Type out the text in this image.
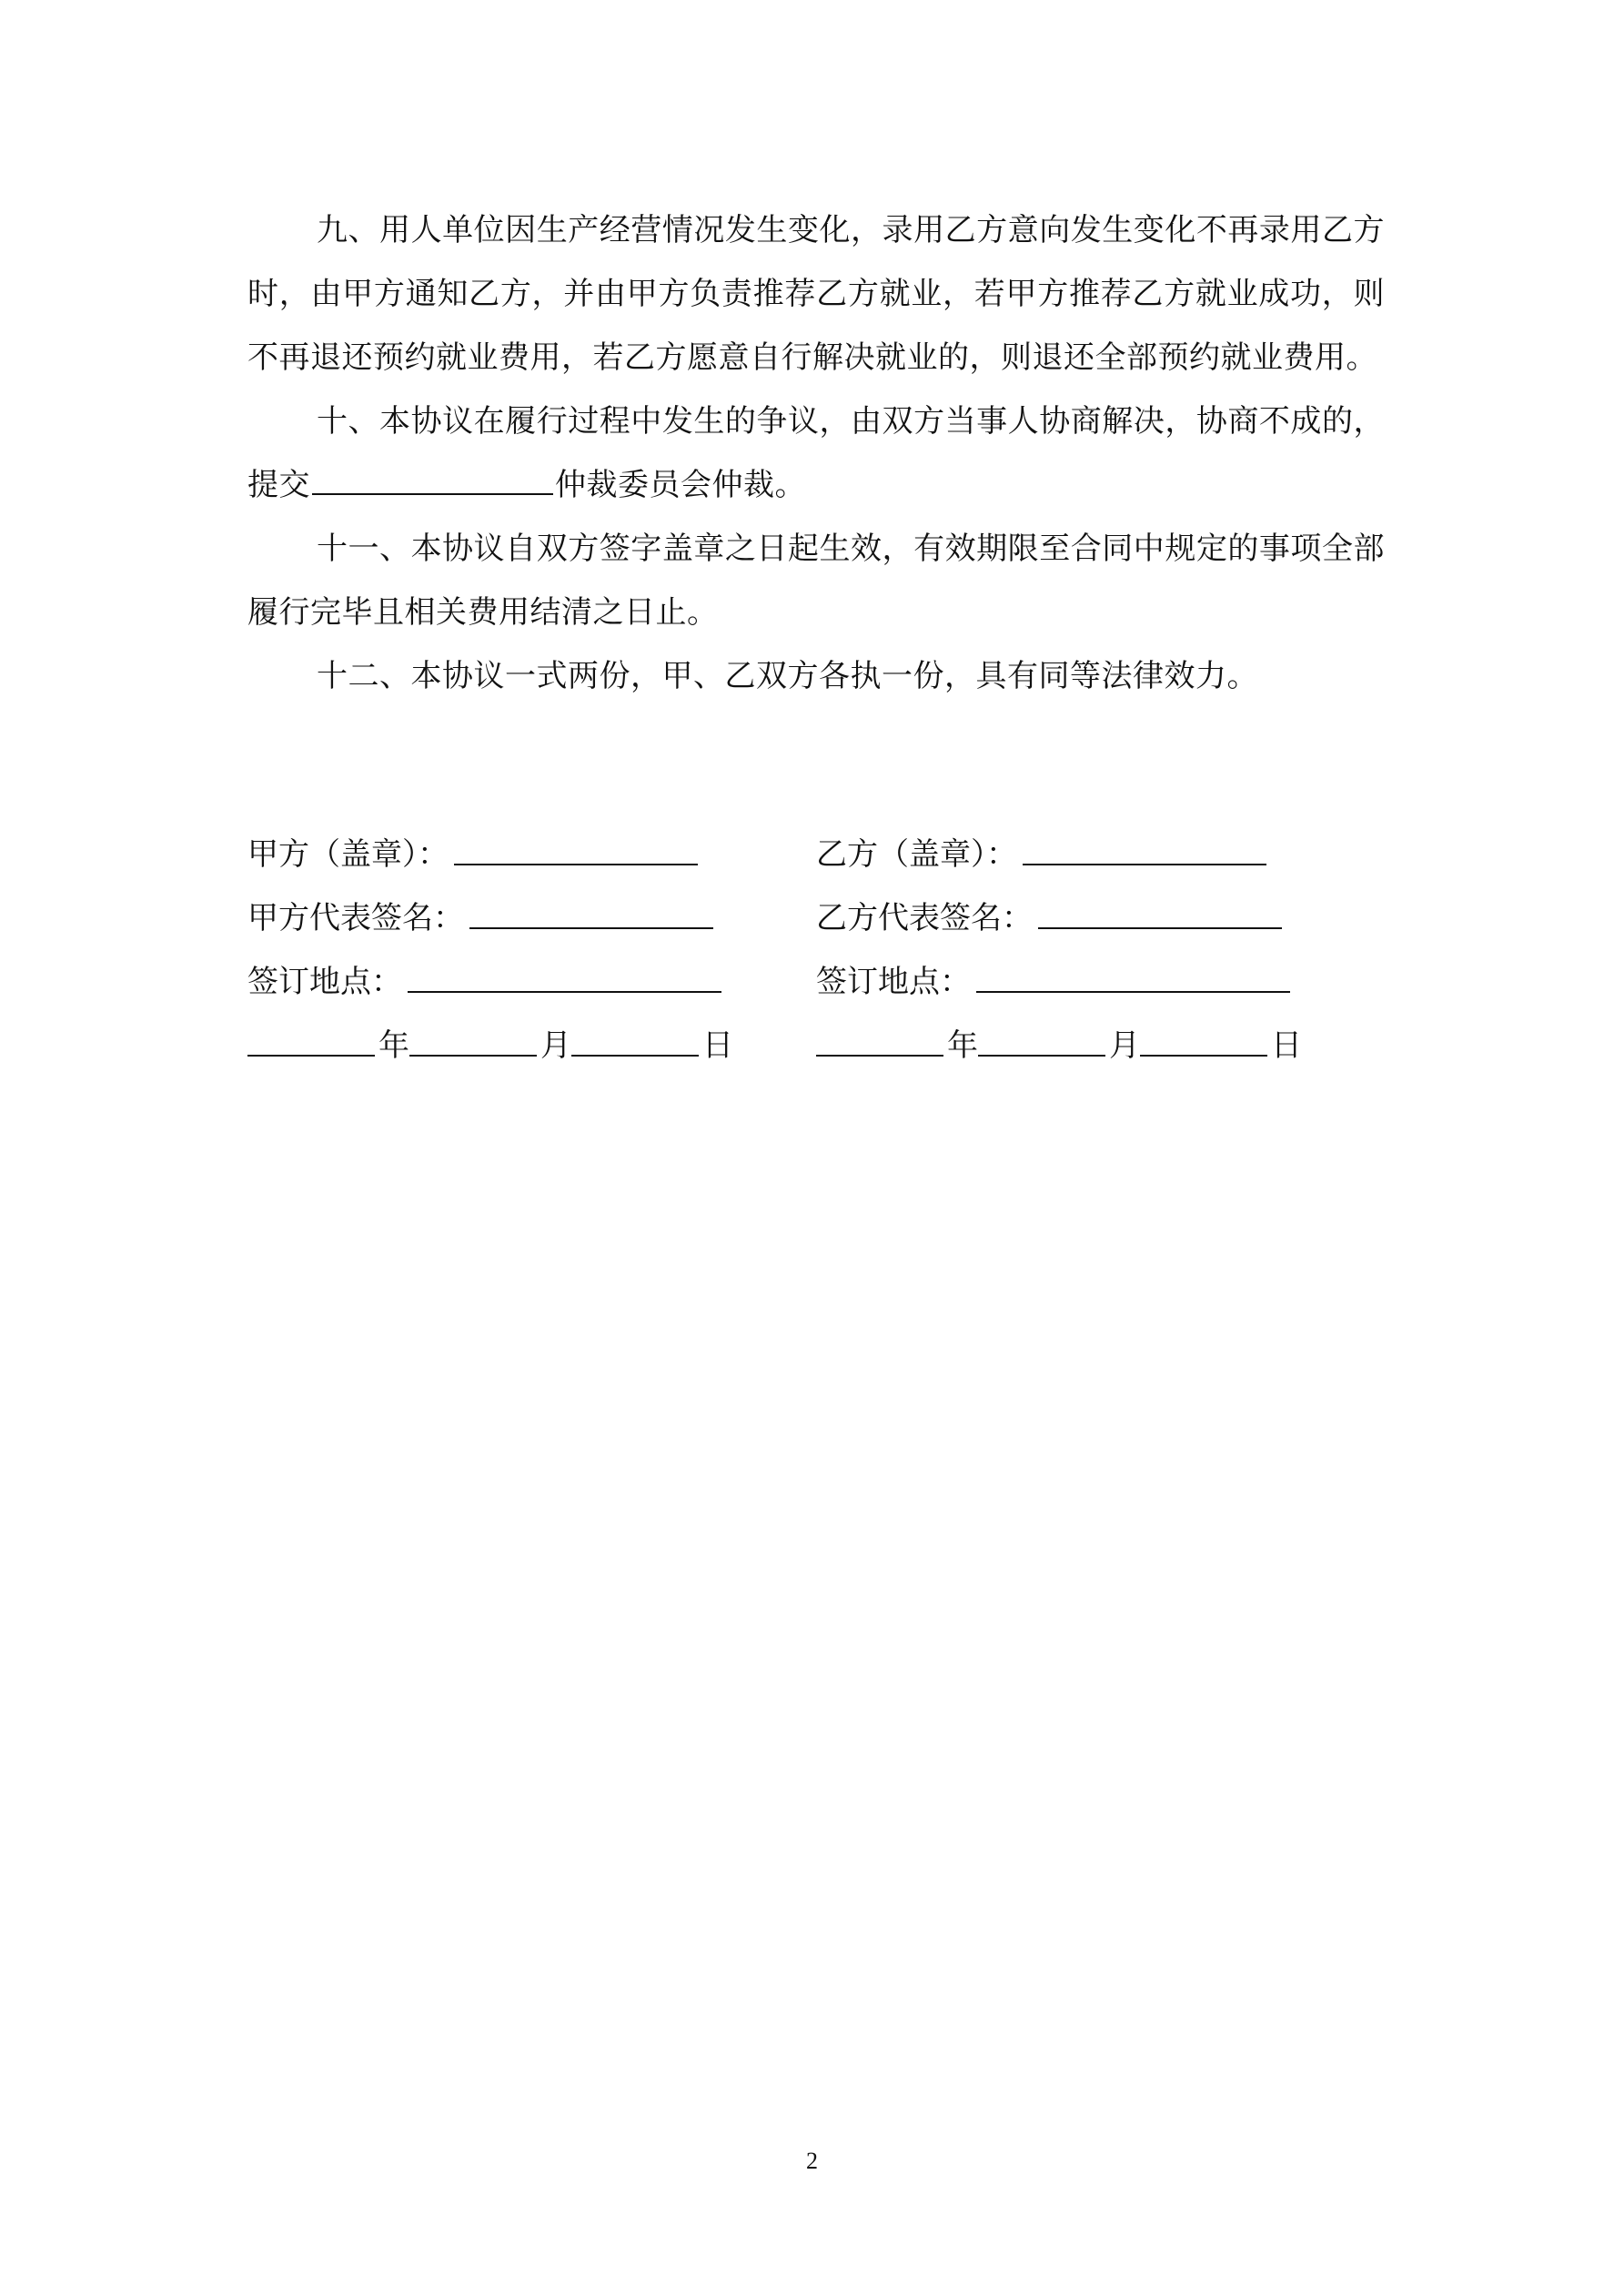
九、用人单位因生产经营情况发生变化，录用乙方意向发生变化不再录用乙方时，由甲方通知乙方，并由甲方负责推荐乙方就业，若甲方推荐乙方就业成功，则不再退还预约就业费用，若乙方愿意自行解决就业的，则退还全部预约就业费用。

十、本协议在履行过程中发生的争议，由双方当事人协商解决，协商不成的，提交	仲裁委员会仲裁。

十一、本协议自双方签字盖章之日起生效，有效期限至合同中规定的事项全部履行完毕且相关费用结清之日止。

十二、本协议一式两份，甲、乙双方各执一份，具有同等法律效力。

甲方（盖章）：	乙方（盖章）：
甲方代表签名：	乙方代表签名：
签订地点：	签订地点：
年	月	日	年	月	日
2
